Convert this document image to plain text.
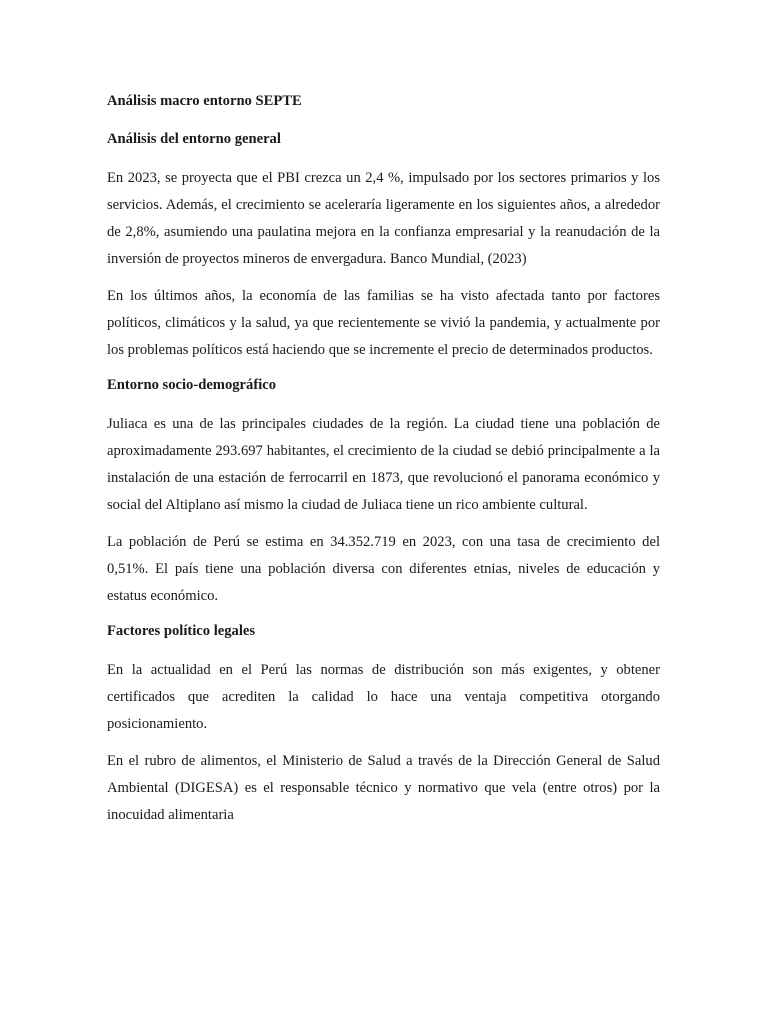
Análisis macro entorno SEPTE

Análisis del entorno general

En 2023, se proyecta que el PBI crezca un 2,4 %, impulsado por los sectores primarios y los servicios. Además, el crecimiento se aceleraría ligeramente en los siguientes años, a alrededor de 2,8%, asumiendo una paulatina mejora en la confianza empresarial y la reanudación de la inversión de proyectos mineros de envergadura. Banco Mundial, (2023)

En los últimos años, la economía de las familias se ha visto afectada tanto por factores políticos, climáticos y la salud, ya que recientemente se vivió la pandemia, y actualmente por los problemas políticos está haciendo que se incremente el precio de determinados productos.

Entorno socio-demográfico

Juliaca es una de las principales ciudades de la región. La ciudad tiene una población de aproximadamente 293.697 habitantes, el crecimiento de la ciudad se debió principalmente a la instalación de una estación de ferrocarril en 1873, que revolucionó el panorama económico y social del Altiplano así mismo la ciudad de Juliaca tiene un rico ambiente cultural.

La población de Perú se estima en 34.352.719 en 2023, con una tasa de crecimiento del 0,51%. El país tiene una población diversa con diferentes etnias, niveles de educación y estatus económico.

Factores político legales

En la actualidad en el Perú las normas de distribución son más exigentes, y obtener certificados que acrediten la calidad lo hace una ventaja competitiva otorgando posicionamiento.

En el rubro de alimentos, el Ministerio de Salud a través de la Dirección General de Salud Ambiental (DIGESA) es el responsable técnico y normativo que vela (entre otros) por la inocuidad alimentaria
